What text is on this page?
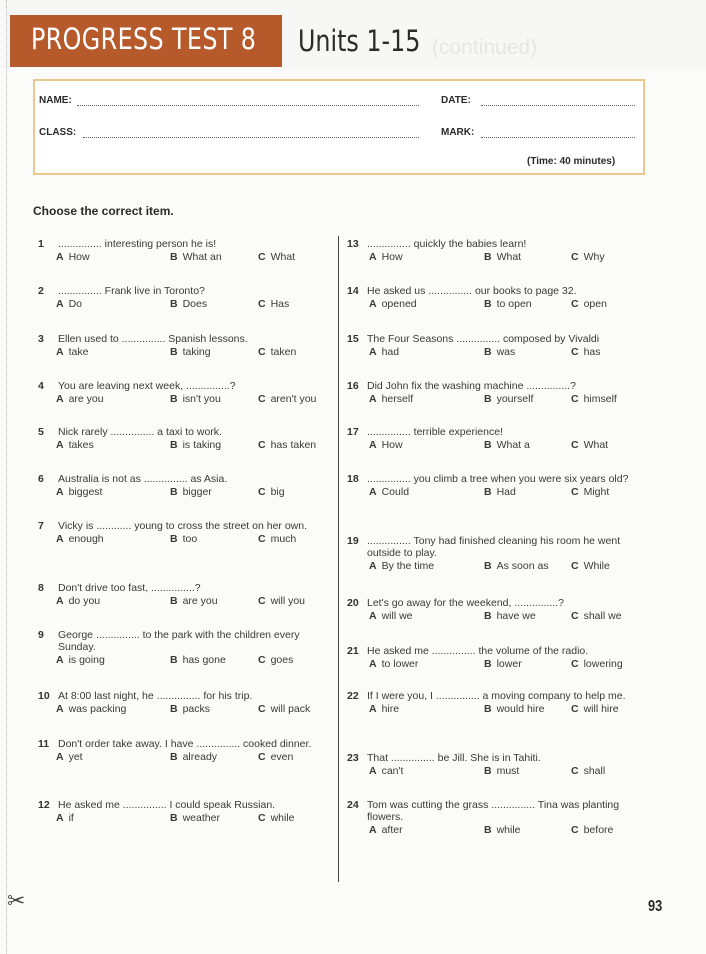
PROGRESS TEST 8 Units 1-15 (continued)
NAME:	DATE:
CLASS:	MARK:
(Time: 40 minutes)
Choose the correct item.
1 ............... interesting person he is!
A How	B What an	C What
2 ............... Frank live in Toronto?
A Do	B Does	C Has
3 Ellen used to ............... Spanish lessons.
A take	B taking	C taken
4 You are leaving next week, ...............?
A are you	B isn't you	C aren't you
5 Nick rarely ............... a taxi to work.
A takes	B is taking	C has taken
6 Australia is not as ............... as Asia.
A biggest	B bigger	C big
7 Vicky is ............ young to cross the street on her own.
A enough	B too	C much
8 Don't drive too fast, ...............?
A do you	B are you	C will you
9 George ............... to the park with the children every Sunday.
A is going	B has gone	C goes
10 At 8:00 last night, he ............... for his trip.
A was packing	B packs	C will pack
11 Don't order take away. I have ............... cooked dinner.
A yet	B already	C even
12 He asked me ............... I could speak Russian.
A if	B weather	C while
13 ............... quickly the babies learn!
A How	B What	C Why
14 He asked us ............... our books to page 32.
A opened	B to open	C open
15 The Four Seasons ............... composed by Vivaldi
A had	B was	C has
16 Did John fix the washing machine ...............?
A herself	B yourself	C himself
17 ............... terrible experience!
A How	B What a	C What
18 ............... you climb a tree when you were six years old?
A Could	B Had	C Might
19 ............... Tony had finished cleaning his room he went outside to play.
A By the time	B As soon as C While
20 Let's go away for the weekend, ...............?
A will we	B have we	C shall we
21 He asked me ............... the volume of the radio.
A to lower	B lower	C lowering
22 If I were you, I ............... a moving company to help me.
A hire	B would hire	C will hire
23 That ............... be Jill. She is in Tahiti.
A can't	B must	C shall
24 Tom was cutting the grass ............... Tina was planting flowers.
A after	B while	C before
✂	93
